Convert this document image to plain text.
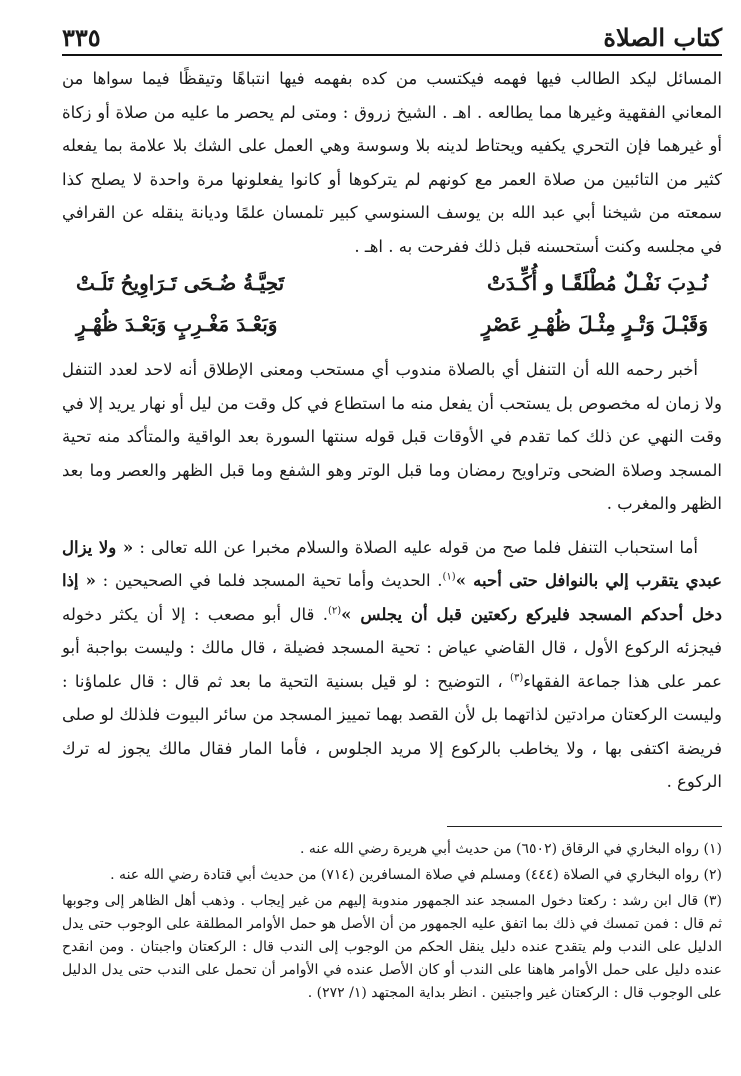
كتاب الصلاة
٣٣٥

المسائل ليكد الطالب فيها فهمه فيكتسب من كده بفهمه فيها انتباهًا وتيقظًا فيما سواها من المعاني الفقهية وغيرها مما يطالعه . اهـ . الشيخ زروق : ومتى لم يحصر ما عليه من صلاة أو زكاة أو غيرهما فإن التحري يكفيه ويحتاط لدينه بلا وسوسة وهي العمل على الشك بلا علامة بما يفعله كثير من التائبين من صلاة العمر مع كونهم لم يتركوها أو كانوا يفعلونها مرة واحدة لا يصلح كذا سمعته من شيخنا أبي عبد الله بن يوسف السنوسي كبير تلمسان علمًا وديانة ينقله عن القرافي في مجلسه وكنت أستحسنه قبل ذلك ففرحت به . اهـ .

نُـدِبَ نَفْـلٌ مُطْلَقًـا و أُكِّـدَتْ
تَحِيَّـةُ ضُـحَى تَـرَاوِيحُ تَلَـتْ
وَقَبْـلَ وَتْـرٍ مِثْـلَ ظُهْـرِ عَصْرٍ
وَبَعْـدَ مَغْـرِبٍ وَبَعْـدَ ظُهْـرٍ

أخبر رحمه الله أن التنفل أي بالصلاة مندوب أي مستحب ومعنى الإطلاق أنه لاحد لعدد التنفل ولا زمان له مخصوص بل يستحب أن يفعل منه ما استطاع في كل وقت من ليل أو نهار يريد إلا في وقت النهي عن ذلك كما تقدم في الأوقات قبل قوله سنتها السورة بعد الواقية والمتأكد منه تحية المسجد وصلاة الضحى وتراويح رمضان وما قبل الوتر وهو الشفع وما قبل الظهر والعصر وما بعد الظهر والمغرب .

أما استحباب التنفل فلما صح من قوله عليه الصلاة والسلام مخبرا عن الله تعالى : « ولا يزال عبدي يتقرب إلي بالنوافل حتى أحبه »$^{(١)}$. الحديث وأما تحية المسجد فلما في الصحيحين : « إذا دخل أحدكم المسجد فليركع ركعتين قبل أن يجلس »$^{(٢)}$. قال أبو مصعب : إلا أن يكثر دخوله فيجزئه الركوع الأول ، قال القاضي عياض : تحية المسجد فضيلة ، قال مالك : وليست بواجبة أبو عمر على هذا جماعة الفقهاء$^{(٣)}$ ، التوضيح : لو قيل بسنية التحية ما بعد ثم قال : قال علماؤنا : وليست الركعتان مرادتين لذاتهما بل لأن القصد بهما تمييز المسجد من سائر البيوت فلذلك لو صلى فريضة اكتفى بها ، ولا يخاطب بالركوع إلا مريد الجلوس ، فأما المار فقال مالك يجوز له ترك الركوع .

(١) رواه البخاري في الرقاق (٦٥٠٢) من حديث أبي هريرة رضي الله عنه .

(٢) رواه البخاري في الصلاة (٤٤٤) ومسلم في صلاة المسافرين (٧١٤) من حديث أبي قتادة رضي الله عنه .

(٣) قال ابن رشد : ركعتا دخول المسجد عند الجمهور مندوبة إليهم من غير إيجاب . وذهب أهل الظاهر إلى وجوبها ثم قال : فمن تمسك في ذلك بما اتفق عليه الجمهور من أن الأصل هو حمل الأوامر المطلقة على الوجوب حتى يدل الدليل على الندب ولم يتقدح عنده دليل ينقل الحكم من الوجوب إلى الندب قال : الركعتان واجبتان . ومن انقدح عنده دليل على حمل الأوامر هاهنا على الندب أو كان الأصل عنده في الأوامر أن تحمل على الندب حتى يدل الدليل على الوجوب قال : الركعتان غير واجبتين . انظر بداية المجتهد (١/ ٢٧٢) .
